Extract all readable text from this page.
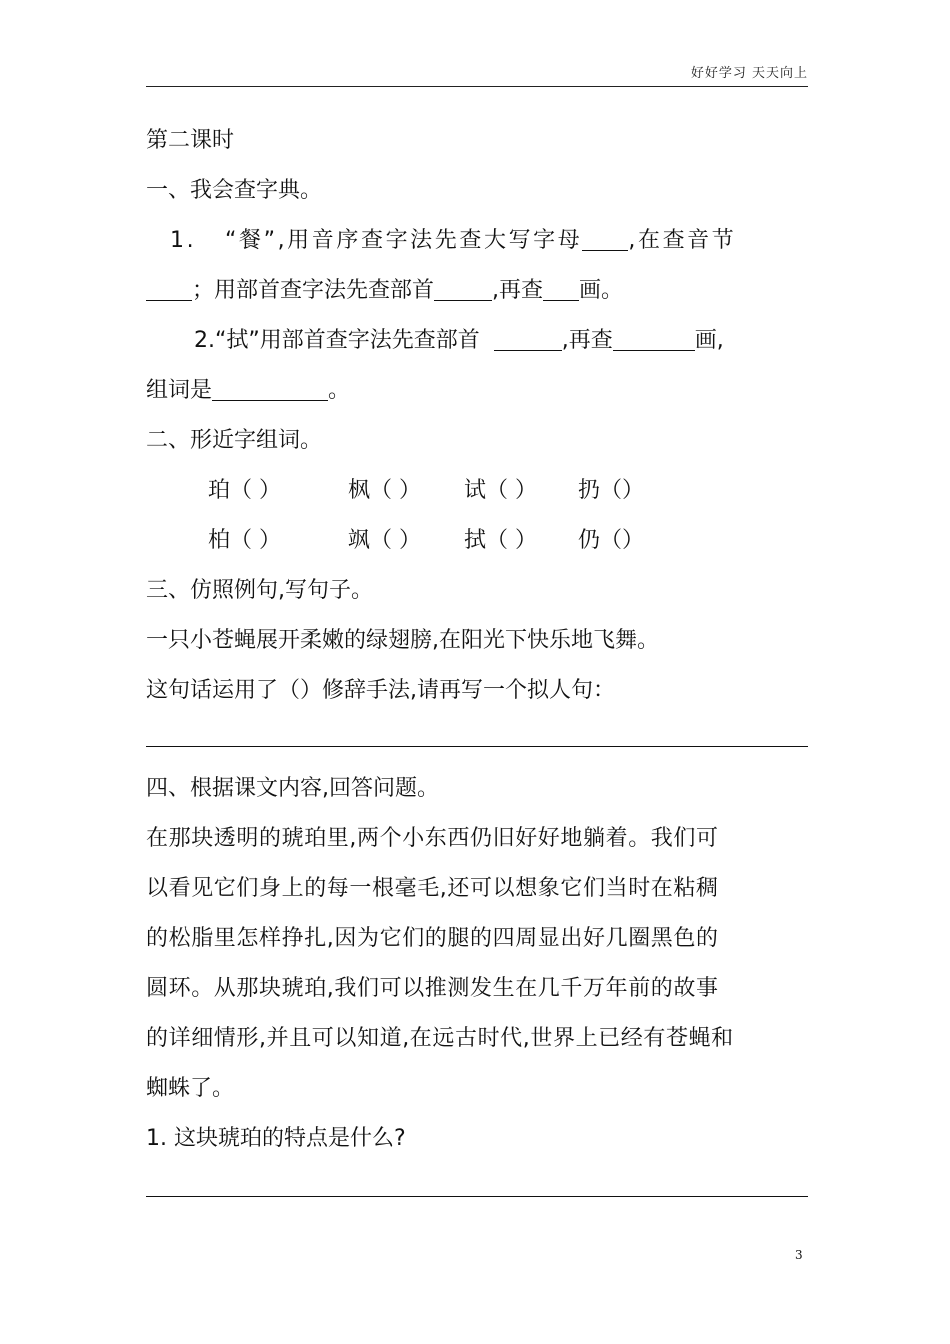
好好学习 天天向上
第二课时
一、我会查字典。
1. “餐”,用音序查字法先查大写字母 ,在查音节
；用部首查字法先查部首	,再查 画。
2.“拭”用部首查字法先查部首	,再查	画,
组词是	。
二、形近字组词。
珀（ ）	枫（ ） 试（ ） 扔（）
柏（ ）	飒（ ） 拭（ ） 仍（）
三、仿照例句,写句子。
一只小苍蝇展开柔嫩的绿翅膀,在阳光下快乐地飞舞。
这句话运用了（）修辞手法,请再写一个拟人句：
四、根据课文内容,回答问题。
在那块透明的琥珀里,两个小东西仍旧好好地躺着。我们可
以看见它们身上的每一根毫毛,还可以想象它们当时在粘稠
的松脂里怎样挣扎,因为它们的腿的四周显出好几圈黑色的
圆环。从那块琥珀,我们可以推测发生在几千万年前的故事
的详细情形,并且可以知道,在远古时代,世界上已经有苍蝇和
蜘蛛了。
1. 这块琥珀的特点是什么?
3
